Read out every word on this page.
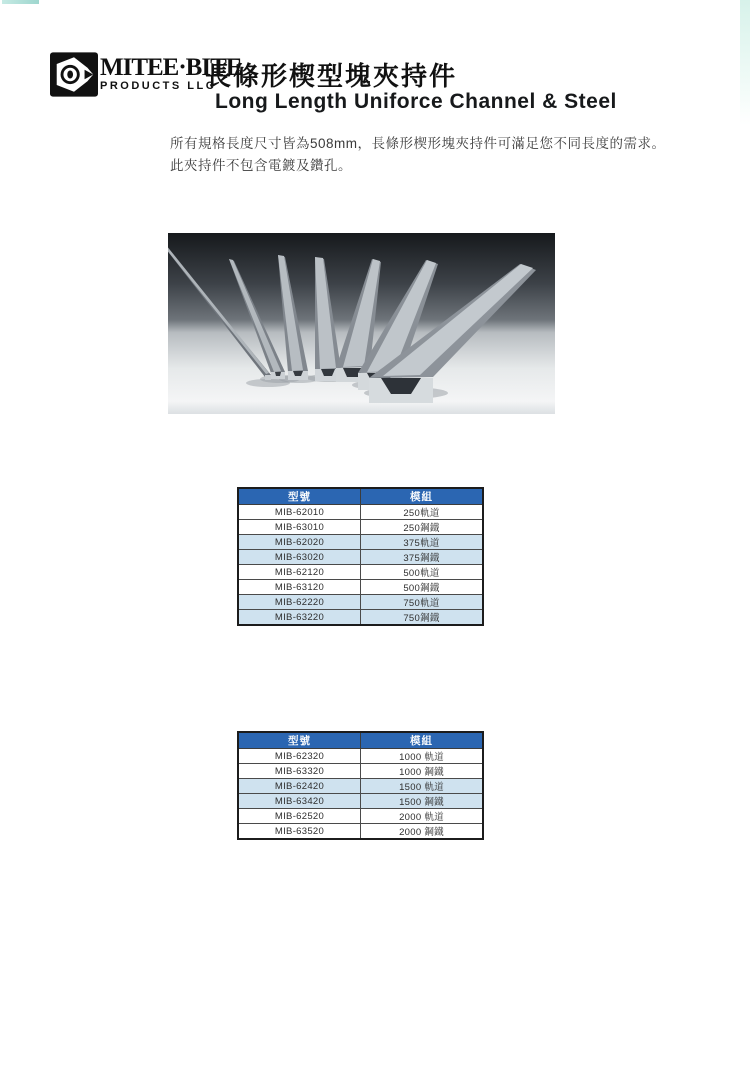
MITEE·BITE
PRODUCTS LLC
長條形楔型塊夾持件
Long Length Uniforce Channel & Steel
所有規格長度尺寸皆為508mm，長條形楔形塊夾持件可滿足您不同長度的需求。
此夾持件不包含電鍍及鑽孔。
型號	模組
MIB-62010	250軌道
MIB-63010	250鋼鐵
MIB-62020	375軌道
MIB-63020	375鋼鐵
MIB-62120	500軌道
MIB-63120	500鋼鐵
MIB-62220	750軌道
MIB-63220	750鋼鐵
型號	模組
MIB-62320	1000 軌道
MIB-63320	1000 鋼鐵
MIB-62420	1500 軌道
MIB-63420	1500 鋼鐵
MIB-62520	2000 軌道
MIB-63520	2000 鋼鐵
